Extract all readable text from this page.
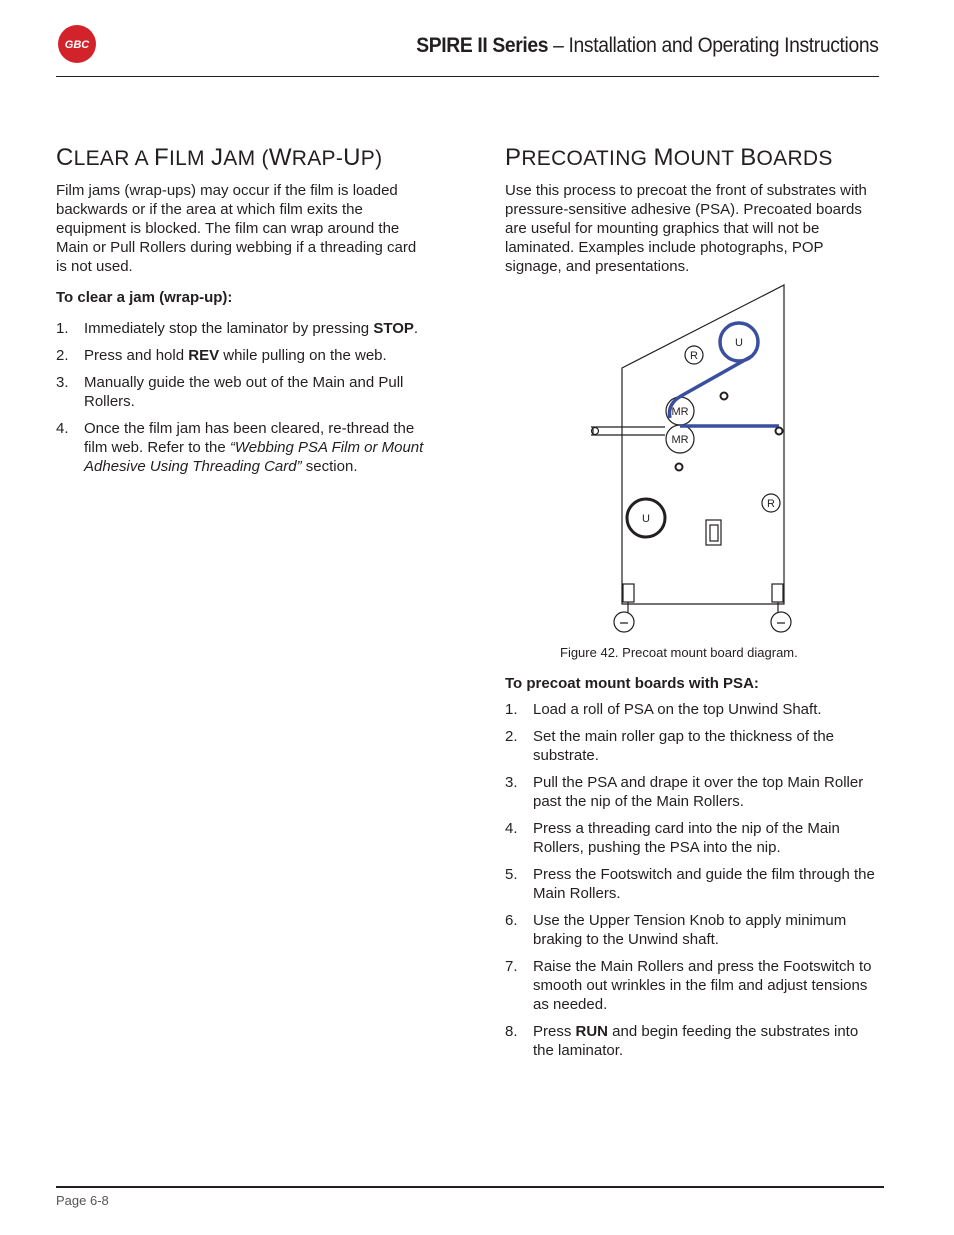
GBC	SPIRE II Series – Installation and Operating Instructions
CLEAR A FILM JAM (WRAP-UP)

Film jams (wrap-ups) may occur if the film is loaded backwards or if the area at which film exits the equipment is blocked. The film can wrap around the Main or Pull Rollers during webbing if a threading card is not used.

To clear a jam (wrap-up):

1. Immediately stop the laminator by pressing STOP.
2. Press and hold REV while pulling on the web.
3. Manually guide the web out of the Main and Pull Rollers.
4. Once the film jam has been cleared, re-thread the film web. Refer to the “Webbing PSA Film or Mount Adhesive Using Threading Card” section.
PRECOATING MOUNT BOARDS

Use this process to precoat the front of substrates with pressure-sensitive adhesive (PSA). Precoated boards are useful for mounting graphics that will not be laminated. Examples include photographs, POP signage, and presentations.

U
R
MR
MR
U
R
Figure 42. Precoat mount board diagram.

To precoat mount boards with PSA:

1. Load a roll of PSA on the top Unwind Shaft.
2. Set the main roller gap to the thickness of the substrate.
3. Pull the PSA and drape it over the top Main Roller past the nip of the Main Rollers.
4. Press a threading card into the nip of the Main Rollers, pushing the PSA into the nip.
5. Press the Footswitch and guide the film through the Main Rollers.
6. Use the Upper Tension Knob to apply minimum braking to the Unwind shaft.
7. Raise the Main Rollers and press the Footswitch to smooth out wrinkles in the film and adjust tensions as needed.
8. Press RUN and begin feeding the substrates into the laminator.
Page 6-8
